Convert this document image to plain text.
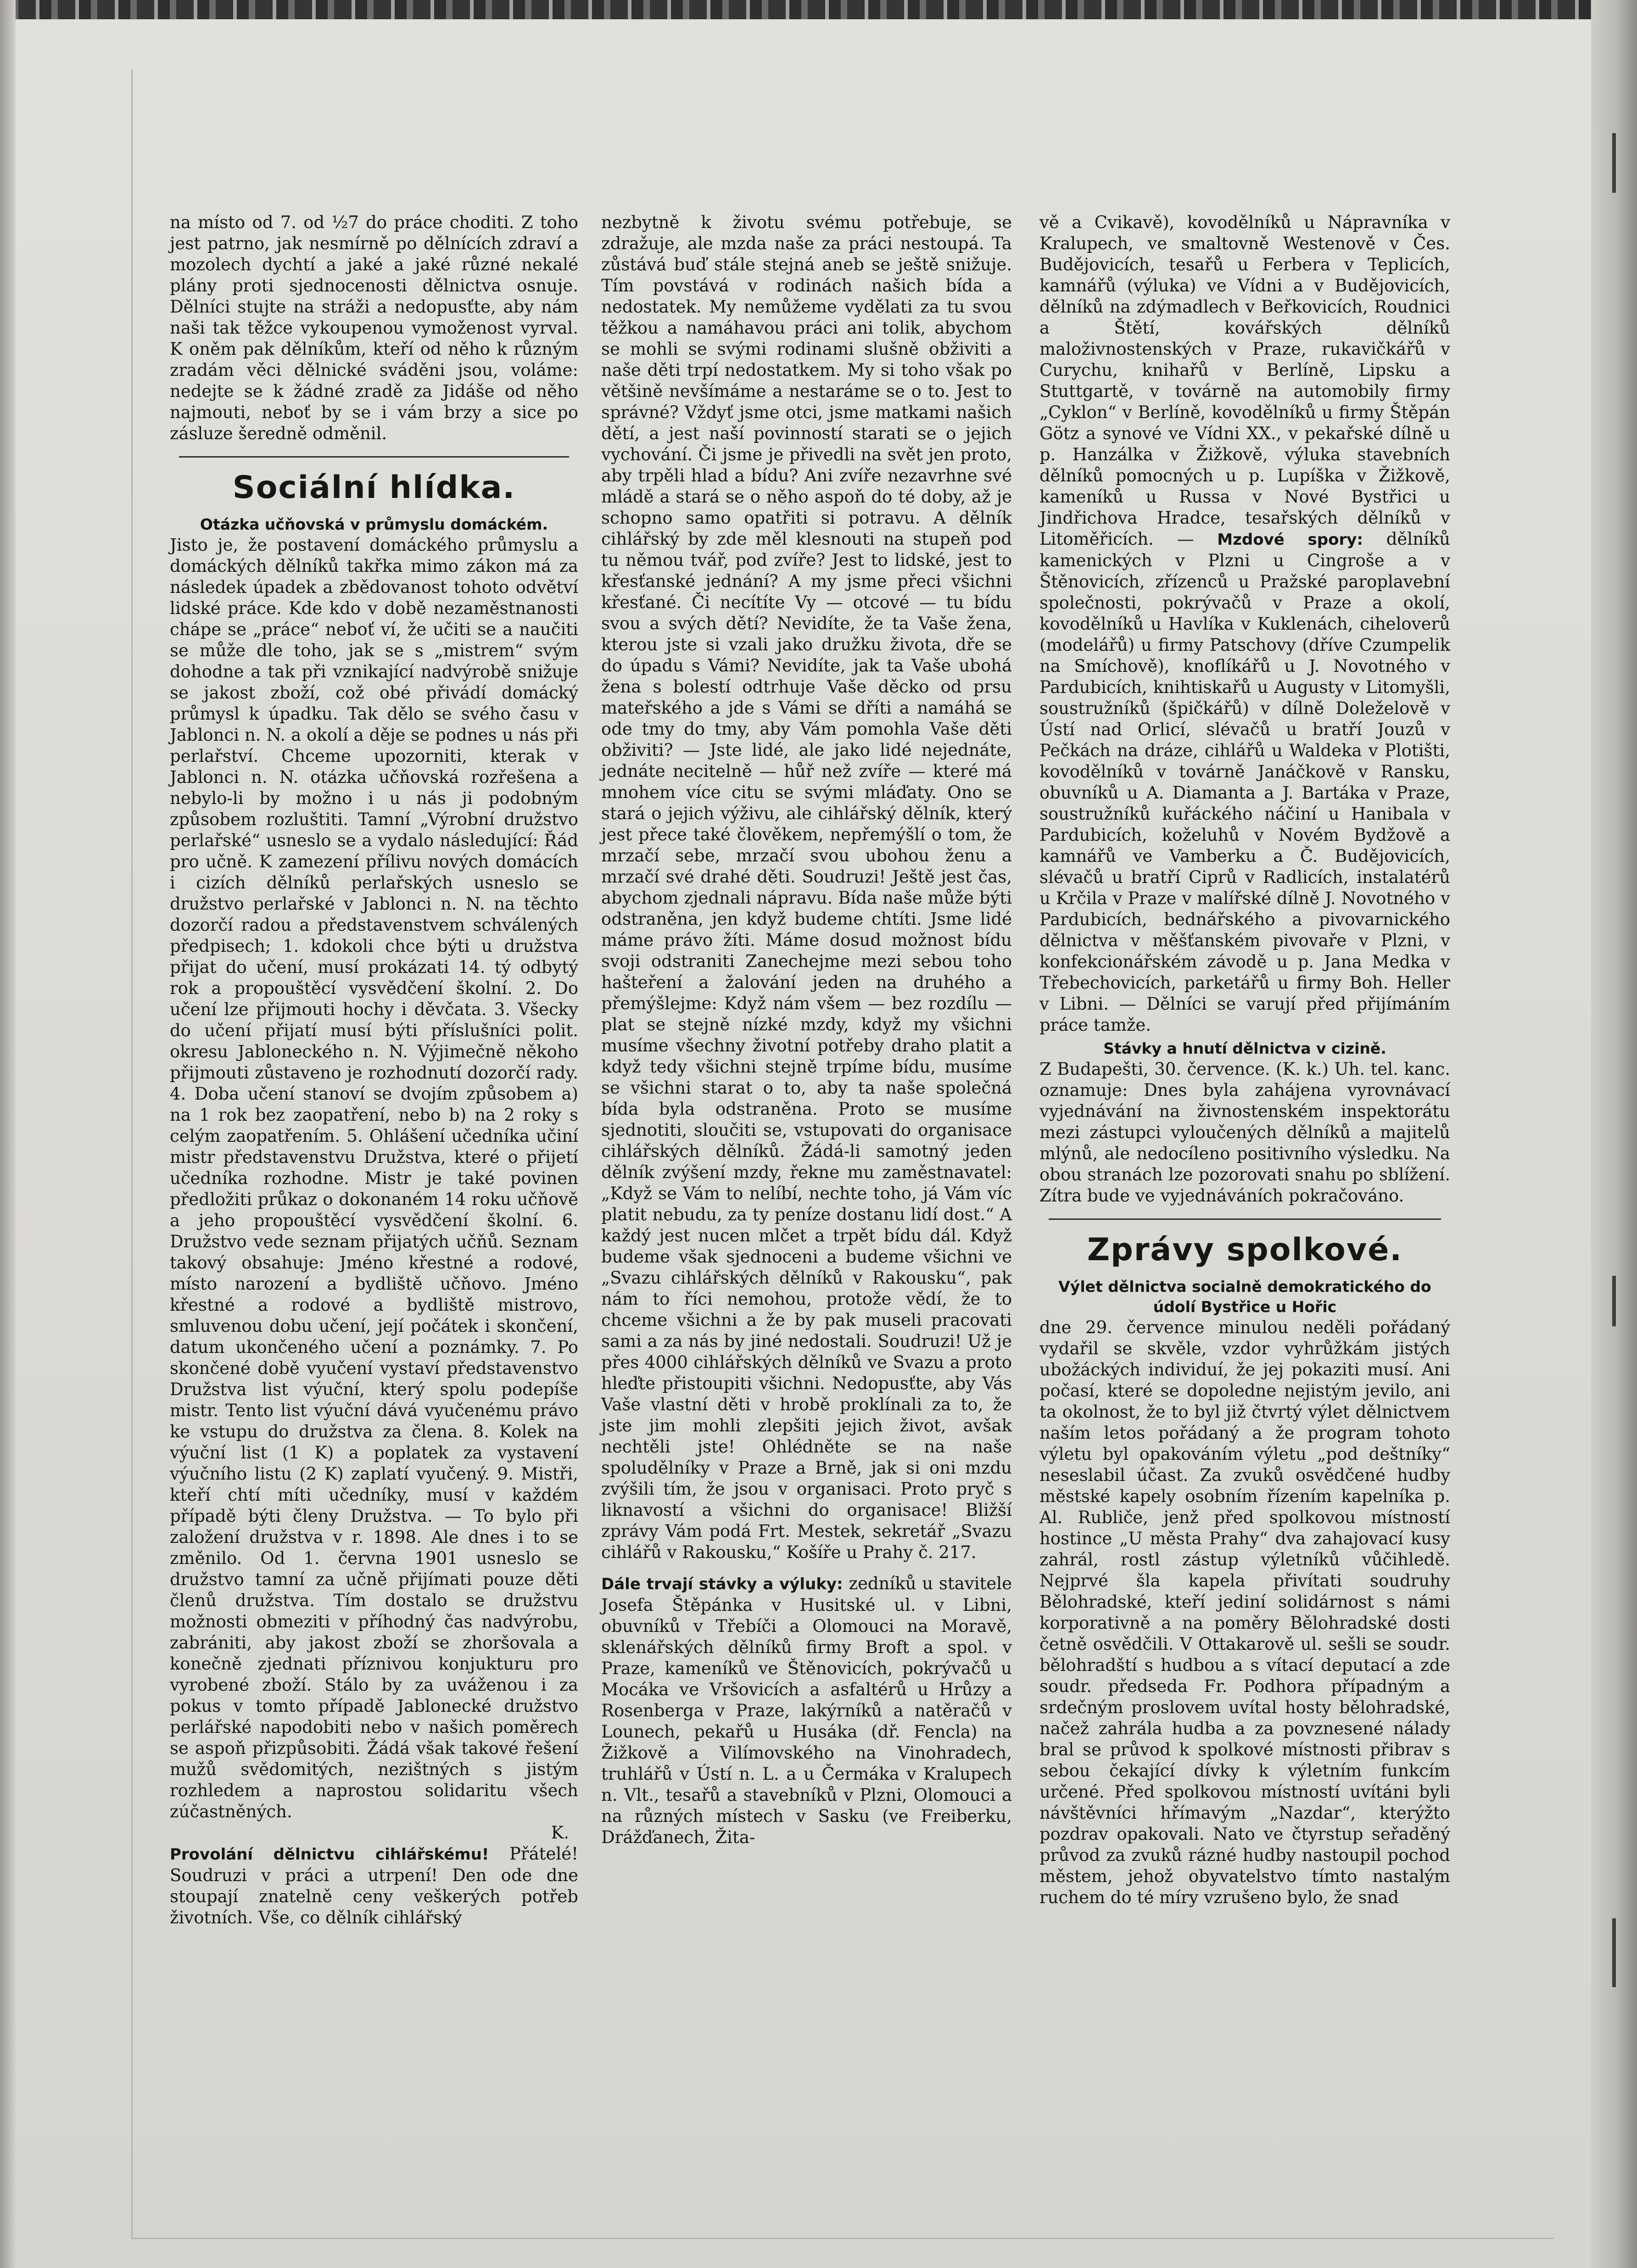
na místo od 7. od ½7 do práce choditi. Z toho jest patrno, jak nesmírně po dělnících zdraví a mozolech dychtí a jaké a jaké různé nekalé plány proti sjednocenosti dělnictva osnuje. Dělníci stujte na stráži a nedopusťte, aby nám naši tak těžce vykoupenou vymoženost vyrval. K oněm pak dělníkům, kteří od něho k různým zradám věci dělnické sváděni jsou, voláme: nedejte se k žádné zradě za Jidáše od něho najmouti, neboť by se i vám brzy a sice po zásluze šeredně odměnil.

Sociální hlídka.
Otázka učňovská v průmyslu domáckém.

Jisto je, že postavení domáckého průmyslu a domáckých dělníků takřka mimo zákon má za následek úpadek a zbědovanost tohoto odvětví lidské práce. Kde kdo v době nezaměstnanosti chápe se „práce“ neboť ví, že učiti se a naučiti se může dle toho, jak se s „mistrem“ svým dohodne a tak při vznikající nadvýrobě snižuje se jakost zboží, což obé přivádí domácký průmysl k úpadku. Tak dělo se svého času v Jablonci n. N. a okolí a děje se podnes u nás při perlařství. Chceme upozorniti, kterak v Jablonci n. N. otázka učňovská rozřešena a nebylo-li by možno i u nás ji podobným způsobem rozluštiti. Tamní „Výrobní družstvo perlařské“ usneslo se a vydalo následující: Řád pro učně. K zamezení přílivu nových domácích i cizích dělníků perlařských usneslo se družstvo perlařské v Jablonci n. N. na těchto dozorčí radou a představenstvem schválených předpisech; 1. kdokoli chce býti u družstva přijat do učení, musí prokázati 14. tý odbytý rok a propouštěcí vysvědčení školní. 2. Do učení lze přijmouti hochy i děvčata. 3. Všecky do učení přijatí musí býti příslušníci polit. okresu Jabloneckého n. N. Výjimečně někoho přijmouti zůstaveno je rozhodnutí dozorčí rady. 4. Doba učení stanoví se dvojím způsobem a) na 1 rok bez zaopatření, nebo b) na 2 roky s celým zaopatřením. 5. Ohlášení učedníka učiní mistr představenstvu Družstva, které o přijetí učedníka rozhodne. Mistr je také povinen předložiti průkaz o dokonaném 14 roku učňově a jeho propouštěcí vysvědčení školní. 6. Družstvo vede seznam přijatých učňů. Seznam takový obsahuje: Jméno křestné a rodové, místo narození a bydliště učňovo. Jméno křestné a rodové a bydliště mistrovo, smluvenou dobu učení, její počátek i skončení, datum ukončeného učení a poznámky. 7. Po skončené době vyučení vystaví představenstvo Družstva list výuční, který spolu podepíše mistr. Tento list výuční dává vyučenému právo ke vstupu do družstva za člena. 8. Kolek na výuční list (1 K) a poplatek za vystavení výučního listu (2 K) zaplatí vyučený. 9. Mistři, kteří chtí míti učedníky, musí v každém případě býti členy Družstva. — To bylo při založení družstva v r. 1898. Ale dnes i to se změnilo. Od 1. června 1901 usneslo se družstvo tamní za učně přijímati pouze děti členů družstva. Tím dostalo se družstvu možnosti obmeziti v příhodný čas nadvýrobu, zabrániti, aby jakost zboží se zhoršovala a konečně zjednati příznivou konjukturu pro vyrobené zboží. Stálo by za uváženou i za pokus v tomto případě Jablonecké družstvo perlářské napodobiti nebo v našich poměrech se aspoň přizpůsobiti. Žádá však takové řešení mužů svědomitých, nezištných s jistým rozhledem a naprostou solidaritu všech zúčastněných.

K.

Provolání dělnictvu cihlářskému! Přátelé! Soudruzi v práci a utrpení! Den ode dne stoupají znatelně ceny veškerých potřeb životních. Vše, co dělník cihlářský

nezbytně k životu svému potřebuje, se zdražuje, ale mzda naše za práci nestoupá. Ta zůstává buď stále stejná aneb se ještě snižuje. Tím povstává v rodinách našich bída a nedostatek. My nemůžeme vydělati za tu svou těžkou a namáhavou práci ani tolik, abychom se mohli se svými rodinami slušně obživiti a naše děti trpí nedostatkem. My si toho však po většině nevšímáme a nestaráme se o to. Jest to správné? Vždyť jsme otci, jsme matkami našich dětí, a jest naší povinností starati se o jejich vychování. Či jsme je přivedli na svět jen proto, aby trpěli hlad a bídu? Ani zvíře nezavrhne své mládě a stará se o něho aspoň do té doby, až je schopno samo opatřiti si potravu. A dělník cihlářský by zde měl klesnouti na stupeň pod tu němou tvář, pod zvíře? Jest to lidské, jest to křesťanské jednání? A my jsme přeci všichni křesťané. Či necítíte Vy — otcové — tu bídu svou a svých dětí? Nevidíte, že ta Vaše žena, kterou jste si vzali jako družku života, dře se do úpadu s Vámi? Nevidíte, jak ta Vaše ubohá žena s bolestí odtrhuje Vaše děcko od prsu mateřského a jde s Vámi se dříti a namáhá se ode tmy do tmy, aby Vám pomohla Vaše děti obživiti? — Jste lidé, ale jako lidé nejednáte, jednáte necitelně — hůř než zvíře — které má mnohem více citu se svými mláďaty. Ono se stará o jejich výživu, ale cihlářský dělník, který jest přece také člověkem, nepřemýšlí o tom, že mrzačí sebe, mrzačí svou ubohou ženu a mrzačí své drahé děti. Soudruzi! Ještě jest čas, abychom zjednali nápravu. Bída naše může býti odstraněna, jen když budeme chtíti. Jsme lidé máme právo žíti. Máme dosud možnost bídu svoji odstraniti Zanechejme mezi sebou toho hašteření a žalování jeden na druhého a přemýšlejme: Když nám všem — bez rozdílu — plat se stejně nízké mzdy, když my všichni musíme všechny životní potřeby draho platit a když tedy všichni stejně trpíme bídu, musíme se všichni starat o to, aby ta naše společná bída byla odstraněna. Proto se musíme sjednotiti, sloučiti se, vstupovati do organisace cihlářských dělníků. Žádá-li samotný jeden dělník zvýšení mzdy, řekne mu zaměstnavatel: „Když se Vám to nelíbí, nechte toho, já Vám víc platit nebudu, za ty peníze dostanu lidí dost.“ A každý jest nucen mlčet a trpět bídu dál. Když budeme však sjednoceni a budeme všichni ve „Svazu cihlářských dělníků v Rakousku“, pak nám to říci nemohou, protože vědí, že to chceme všichni a že by pak museli pracovati sami a za nás by jiné nedostali. Soudruzi! Už je přes 4000 cihlářských dělníků ve Svazu a proto hleďte přistoupiti všichni. Nedopusťte, aby Vás Vaše vlastní děti v hrobě proklínali za to, že jste jim mohli zlepšiti jejich život, avšak nechtěli jste! Ohlédněte se na naše spoludělníky v Praze a Brně, jak si oni mzdu zvýšili tím, že jsou v organisaci. Proto pryč s liknavostí a všichni do organisace! Bližší zprávy Vám podá Frt. Mestek, sekretář „Svazu cihlářů v Rakousku,“ Košíře u Prahy č. 217.

Dále trvají stávky a výluky: zedníků u stavitele Josefa Štěpánka v Husitské ul. v Libni, obuvníků v Třebíči a Olomouci na Moravě, sklenářských dělníků firmy Broft a spol. v Praze, kameníků ve Štěnovicích, pokrývačů u Mocáka ve Vršovicích a asfaltérů u Hrůzy a Rosenberga v Praze, lakýrníků a natěračů v Lounech, pekařů u Husáka (dř. Fencla) na Žižkově a Vilímovského na Vinohradech, truhlářů v Ústí n. L. a u Čermáka v Kralupech n. Vlt., tesařů a stavebníků v Plzni, Olomouci a na různých místech v Sasku (ve Freiberku, Drážďanech, Žita-

vě a Cvikavě), kovodělníků u Nápravníka v Kralupech, ve smaltovně Westenově v Čes. Budějovicích, tesařů u Ferbera v Teplicích, kamnářů (výluka) ve Vídni a v Budějovicích, dělníků na zdýmadlech v Beřkovicích, Roudnici a Štětí, kovářských dělníků maloživnostenských v Praze, rukavičkářů v Curychu, knihařů v Berlíně, Lipsku a Stuttgartě, v továrně na automobily firmy „Cyklon“ v Berlíně, kovodělníků u firmy Štěpán Götz a synové ve Vídni XX., v pekařské dílně u p. Hanzálka v Žižkově, výluka stavebních dělníků pomocných u p. Lupíška v Žižkově, kameníků u Russa v Nové Bystřici u Jindřichova Hradce, tesařských dělníků v Litoměřicích. — Mzdové spory: dělníků kamenických v Plzni u Cingroše a v Štěnovicích, zřízenců u Pražské paroplavební společnosti, pokrývačů v Praze a okolí, kovodělníků u Havlíka v Kuklenách, ciheloverů (modelářů) u firmy Patschovy (dříve Czumpelik na Smíchově), knoflíkářů u J. Novotného v Pardubicích, knihtiskařů u Augusty v Litomyšli, soustružníků (špičkářů) v dílně Doleželově v Ústí nad Orlicí, slévačů u bratří Jouzů v Pečkách na dráze, cihlářů u Waldeka v Plotišti, kovodělníků v továrně Janáčkově v Ransku, obuvníků u A. Diamanta a J. Bartáka v Praze, soustružníků kuřáckého náčiní u Hanibala v Pardubicích, koželuhů v Novém Bydžově a kamnářů ve Vamberku a Č. Budějovicích, slévačů u bratří Ciprů v Radlicích, instalatérů u Krčila v Praze v malířské dílně J. Novotného v Pardubicích, bednářského a pivovarnického dělnictva v měšťanském pivovaře v Plzni, v konfekcionářském závodě u p. Jana Medka v Třebechovicích, parketářů u firmy Boh. Heller v Libni. — Dělníci se varují před přijímáním práce tamže.

Stávky a hnutí dělnictva v cizině.

Z Budapešti, 30. července. (K. k.) Uh. tel. kanc. oznamuje: Dnes byla zahájena vyrovnávací vyjednávání na živnostenském inspektorátu mezi zástupci vyloučených dělníků a majitelů mlýnů, ale nedocíleno positivního výsledku. Na obou stranách lze pozorovati snahu po sblížení. Zítra bude ve vyjednáváních pokračováno.

Zprávy spolkové.
Výlet dělnictva socialně demokratického do údolí Bystřice u Hořic

dne 29. července minulou neděli pořádaný vydařil se skvěle, vzdor vyhrůžkám jistých ubožáckých individuí, že jej pokaziti musí. Ani počasí, které se dopoledne nejistým jevilo, ani ta okolnost, že to byl již čtvrtý výlet dělnictvem naším letos pořádaný a že program tohoto výletu byl opakováním výletu „pod deštníky“ neseslabil účast. Za zvuků osvědčené hudby městské kapely osobním řízením kapelníka p. Al. Rubliče, jenž před spolkovou místností hostince „U města Prahy“ dva zahajovací kusy zahrál, rostl zástup výletníků vůčihledě. Nejprvé šla kapela přivítati soudruhy Bělohradské, kteří jediní solidárnost s námi korporativně a na poměry Bělohradské dosti četně osvědčili. V Ottakarově ul. sešli se soudr. bělohradští s hudbou a s vítací deputací a zde soudr. předseda Fr. Podhora případným a srdečným proslovem uvítal hosty bělohradské, načež zahrála hudba a za povznesené nálady bral se průvod k spolkové místnosti přibrav s sebou čekající dívky k výletním funkcím určené. Před spolkovou místností uvítáni byli návštěvníci hřímavým „Nazdar“, kterýžto pozdrav opakovali. Nato ve čtyrstup seřaděný průvod za zvuků rázné hudby nastoupil pochod městem, jehož obyvatelstvo tímto nastalým ruchem do té míry vzrušeno bylo, že snad
